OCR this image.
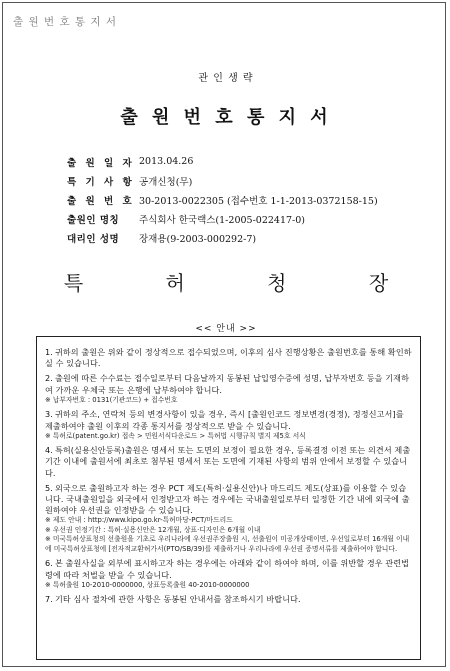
출 원 번 호 통 지 서
관 인 생 략
출 원 번 호 통 지 서
출 원 일 자 2013.04.26
특 기 사 항 공개신청(무)
출 원 번 호 30-2013-0022305 (접수번호 1-1-2013-0372158-15)
출원인 명칭	주식회사 한국랙스(1-2005-022417-0)
대리인 성명	장재용(9-2003-000292-7)
특 허 청 장
<< 안내 >>
1. 귀하의 출원은 위와 같이 정상적으로 접수되었으며, 이후의 심사 진행상황은 출원번호를 통해 확인하실 수 있습니다.
2. 출원에 따른 수수료는 접수일로부터 다음날까지 동봉된 납입영수증에 성명, 납부자번호 등을 기재하여 가까운 우체국 또는 은행에 납부하여야 합니다.
※ 납부자번호 : 0131(기관코드) + 접수번호
3. 귀하의 주소, 연락처 등의 변경사항이 있을 경우, 즉시 [출원인코드 정보변경(경정), 정정신고서]를 제출하여야 출원 이후의 각종 통지서를 정상적으로 받을 수 있습니다.
※ 특허로(patent.go.kr) 접속 > 민원서식다운로드 > 특허법 시행규칙 별지 제5호 서식
4. 특허(실용신안등록)출원은 명세서 또는 도면의 보정이 필요한 경우, 등록결정 이전 또는 의견서 제출기간 이내에 출원서에 최초로 첨부된 명세서 또는 도면에 기재된 사항의 범위 안에서 보정할 수 있습니다.
5. 외국으로 출원하고자 하는 경우 PCT 제도(특허·실용신안)나 마드리드 제도(상표)를 이용할 수 있습니다. 국내출원일을 외국에서 인정받고자 하는 경우에는 국내출원일로부터 일정한 기간 내에 외국에 출원하여야 우선권을 인정받을 수 있습니다.
※ 제도 안내 : http://www.kipo.go.kr-특허마당-PCT/마드리드
※ 우선권 인정기간 : 특허·실용신안은 12개월, 상표·디자인은 6개월 이내
※ 미국특허상표청의 선출원을 기초로 우리나라에 우선권주장출원 시, 선출원이 미공개상태이면, 우선일로부터 16개월 이내에 미국특허상표청에 [전자적교환허가서(PTO/SB/39)를 제출하거나 우리나라에 우선권 증명서류를 제출하여야 합니다.
6. 본 출원사실을 외부에 표시하고자 하는 경우에는 아래와 같이 하여야 하며, 이를 위반할 경우 관련법령에 따라 처벌을 받을 수 있습니다.
※ 특허출원 10-2010-0000000, 상표등록출원 40-2010-0000000
7. 기타 심사 절차에 관한 사항은 동봉된 안내서를 참조하시기 바랍니다.
